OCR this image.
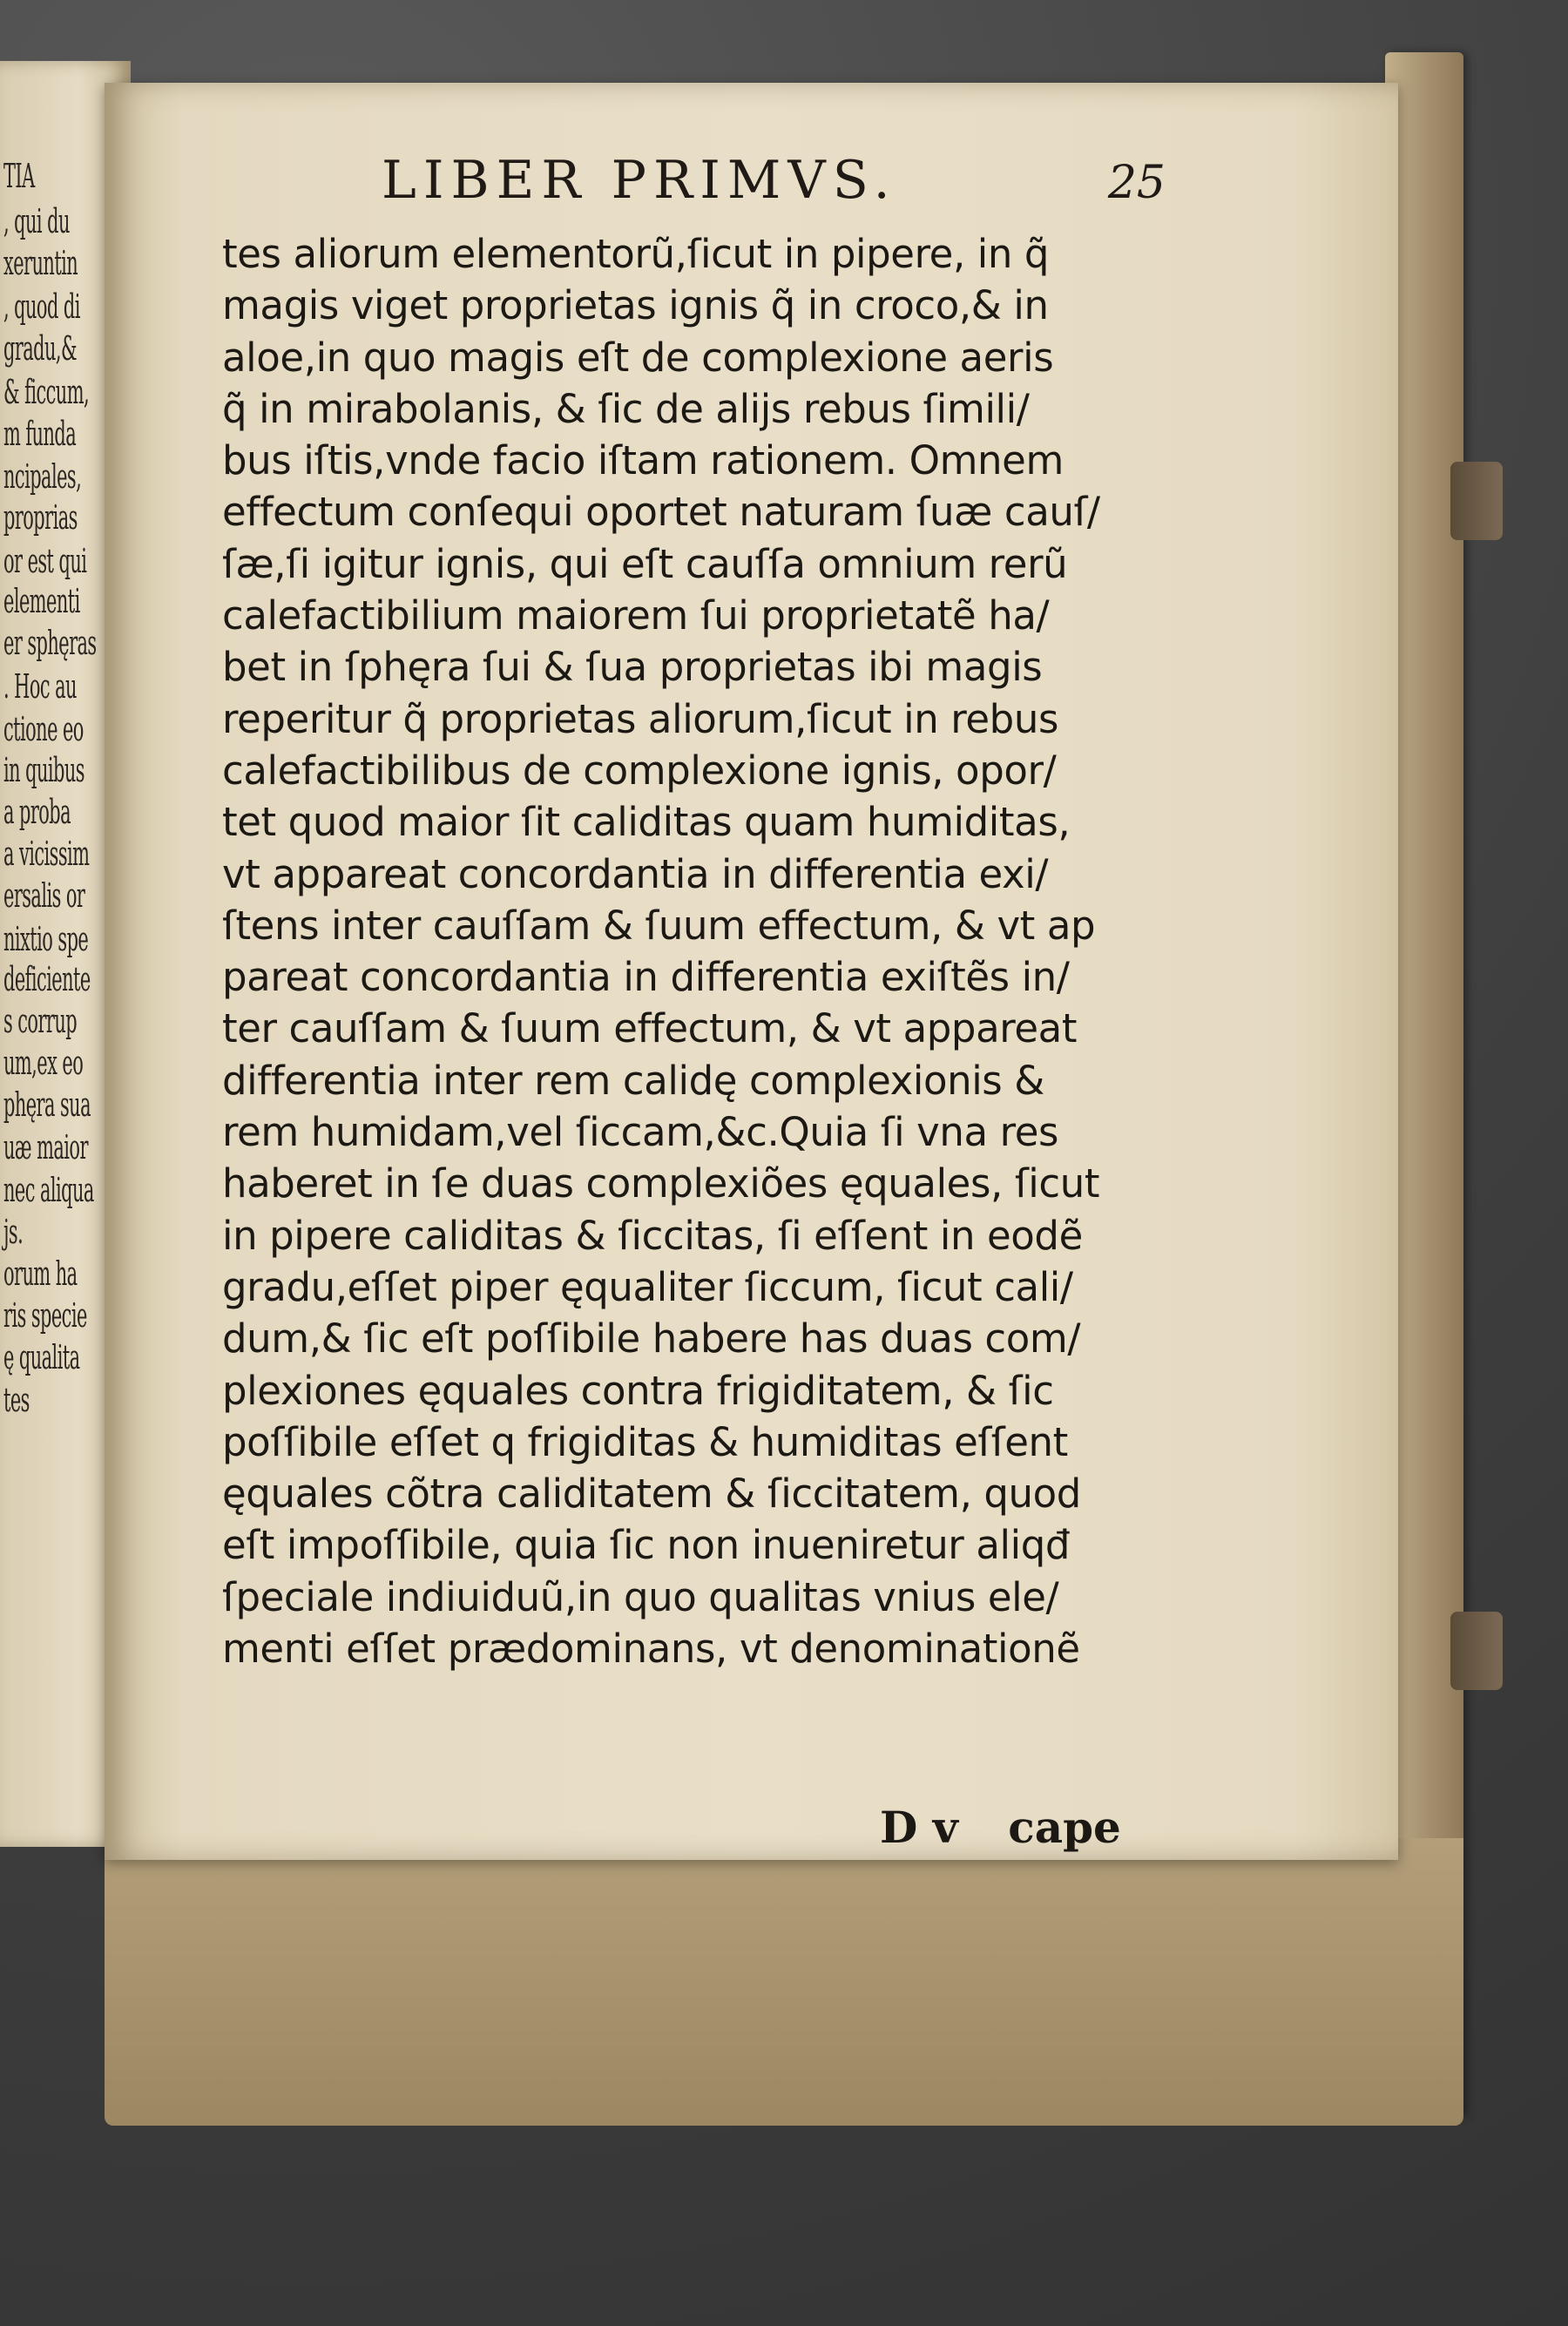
TIA
, qui du
xeruntin
, quod di
gradu,&
& ficcum,
m funda
ncipales,
proprias
or est qui
elementi
er sphęras
. Hoc au
ctione eo
in quibus
a proba
a vicissim
ersalis or
nixtio spe
deficiente
s corrup
um,ex eo
phęra sua
uæ maior
nec aliqua
js.
orum ha
ris specie
ę qualita
tes
LIBER PRIMVS.	25
tes aliorum elementorũ,ſicut in pipere, in q̃
magis viget proprietas ignis q̃ in croco,& in
aloe,in quo magis eſt de complexione aeris
q̃ in mirabolanis, & ſic de alijs rebus ſimili/
bus iſtis,vnde facio iſtam rationem. Omnem
effectum conſequi oportet naturam ſuæ cauſ/
ſæ,ſi igitur ignis, qui eſt cauſſa omnium rerũ
calefactibilium maiorem ſui proprietatẽ ha/
bet in ſphęra ſui & ſua proprietas ibi magis
reperitur q̃ proprietas aliorum,ſicut in rebus
calefactibilibus de complexione ignis, opor/
tet quod maior ſit caliditas quam humiditas,
vt appareat concordantia in differentia exi/
ſtens inter cauſſam & ſuum effectum, & vt ap
pareat concordantia in differentia exiſtẽs in/
ter cauſſam & ſuum effectum, & vt appareat
differentia inter rem calidę complexionis &
rem humidam,vel ſiccam,&c.Quia ſi vna res
haberet in ſe duas complexiões ęquales, ſicut
in pipere caliditas & ſiccitas, ſi eſſent in eodẽ
gradu,eſſet piper ęqualiter ſiccum, ſicut cali/
dum,& ſic eſt poſſibile habere has duas com/
plexiones ęquales contra frigiditatem, & ſic
poſſibile eſſet q frigiditas & humiditas eſſent
ęquales cõtra caliditatem & ſiccitatem, quod
eſt impoſſibile, quia ſic non inueniretur aliqđ
ſpeciale indiuiduũ,in quo qualitas vnius ele/
menti eſſet prædominans, vt denominationẽ
D v cape
